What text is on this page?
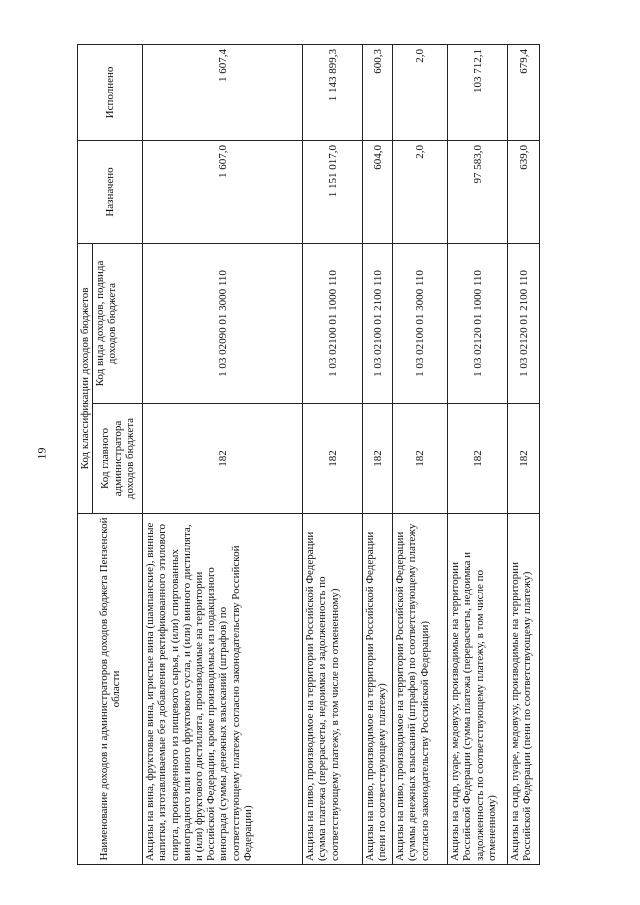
19
Наименование доходов и администраторов доходов бюджета Пензенской области	Код классификации доходов бюджетов		Назначено	Исполнено
	Код главного администратора доходов бюджета	Код вида доходов, подвида доходов бюджета		
Акцизы на вина, фруктовые вина, игристые вина (шампанские), винные напитки, изготавливаемые без добавления ректификованного этилового спирта, произведенного из пищевого сырья, и (или) спиртованных виноградного или иного фруктового сусла, и (или) винного дистиллята, и (или) фруктового дистиллята, производимые на территории Российской Федерации, кроме производимых из подакцизного винограда (суммы денежных взысканий (штрафов) по соответствующему платежу согласно законодательству Российской Федерации)	182	1 03 02090 01 3000 110	1 607,0	1 607,4
Акцизы на пиво, производимое на территории Российской Федерации (сумма платежа (перерасчеты, недоимка и задолженность по соответствующему платежу, в том числе по отмененному)	182	1 03 02100 01 1000 110	1 151 017,0	1 143 899,3
Акцизы на пиво, производимое на территории Российской Федерации (пени по соответствующему платежу)	182	1 03 02100 01 2100 110	604,0	600,3
Акцизы на пиво, производимое на территории Российской Федерации (суммы денежных взысканий (штрафов) по соответствующему платежу согласно законодательству Российской Федерации)	182	1 03 02100 01 3000 110	2,0	2,0
Акцизы на сидр, пуаре, медовуху, производимые на территории Российской Федерации (сумма платежа (перерасчеты, недоимка и задолженность по соответствующему платежу, в том числе по отмененному)	182	1 03 02120 01 1000 110	97 583,0	103 712,1
Акцизы на сидр, пуаре, медовуху, производимые на территории Российской Федерации (пени по соответствующему платежу)	182	1 03 02120 01 2100 110	639,0	679,4
